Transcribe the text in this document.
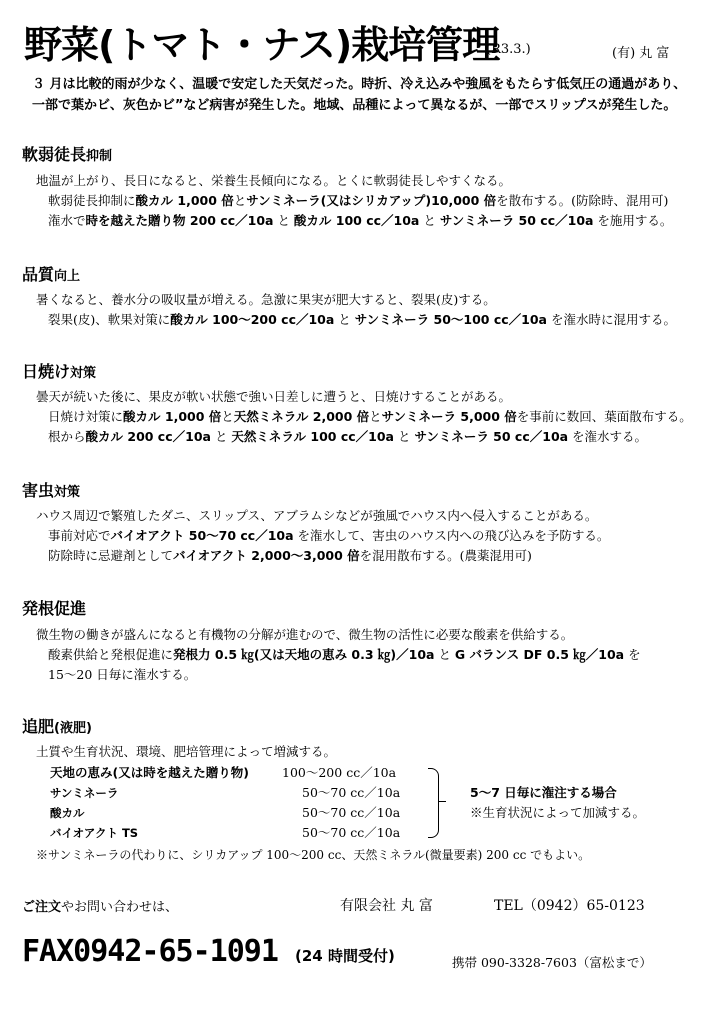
野菜(トマト・ナス)栽培管理
(R3.3.)	(有) 丸 富
３ 月は比較的雨が少なく、温暖で安定した天気だった。時折、冷え込みや強風をもたらす低気圧の通過があり、
一部で葉かビ、灰色かビ”など病害が発生した。地域、品種によって異なるが、一部でスリップスが発生した。
軟弱徒長抑制
地温が上がり、長日になると、栄養生長傾向になる。とくに軟弱徒長しやすくなる。
軟弱徒長抑制に酸カル 1,000 倍とサンミネーラ(又はシリカアップ)10,000 倍を散布する。(防除時、混用可)
潅水で時を越えた贈り物 200 cc／10a と 酸カル 100 cc／10a と サンミネーラ 50 cc／10a を施用する。
品質向上
暑くなると、養水分の吸収量が増える。急激に果実が肥大すると、裂果(皮)する。
裂果(皮)、軟果対策に酸カル 100～200 cc／10a と サンミネーラ 50～100 cc／10a を潅水時に混用する。
日焼け対策
曇天が続いた後に、果皮が軟い状態で強い日差しに遭うと、日焼けすることがある。
日焼け対策に酸カル 1,000 倍と天然ミネラル 2,000 倍とサンミネーラ 5,000 倍を事前に数回、葉面散布する。
根から酸カル 200 cc／10a と 天然ミネラル 100 cc／10a と サンミネーラ 50 cc／10a を潅水する。
害虫対策
ハウス周辺で繁殖したダニ、スリップス、アブラムシなどが強風でハウス内へ侵入することがある。
事前対応でバイオアクト 50～70 cc／10a を潅水して、害虫のハウス内への飛び込みを予防する。
防除時に忌避剤としてバイオアクト 2,000～3,000 倍を混用散布する。(農薬混用可)
発根促進
微生物の働きが盛んになると有機物の分解が進むので、微生物の活性に必要な酸素を供給する。
酸素供給と発根促進に発根力 0.5 ㎏(又は天地の恵み 0.3 ㎏)／10a と G バランス DF 0.5 ㎏／10a を
15～20 日毎に潅水する。
追肥(液肥)
土質や生育状況、環境、肥培管理によって増減する。
天地の恵み(又は時を越えた贈り物)	100～200 cc／10a
サンミネーラ	50～70 cc／10a
酸カル	50～70 cc／10a
バイオアクト TS	50～70 cc／10a
5～7 日毎に潅注する場合
※生育状況によって加減する。
※サンミネーラの代わりに、シリカアップ 100～200 cc、天然ミネラル(微量要素) 200 cc でもよい。
ご注文やお問い合わせは、	有限会社 丸 富	TEL（0942）65-0123
FAX0942-65-1091 (24 時間受付)	携帯 090-3328-7603（富松まで）
